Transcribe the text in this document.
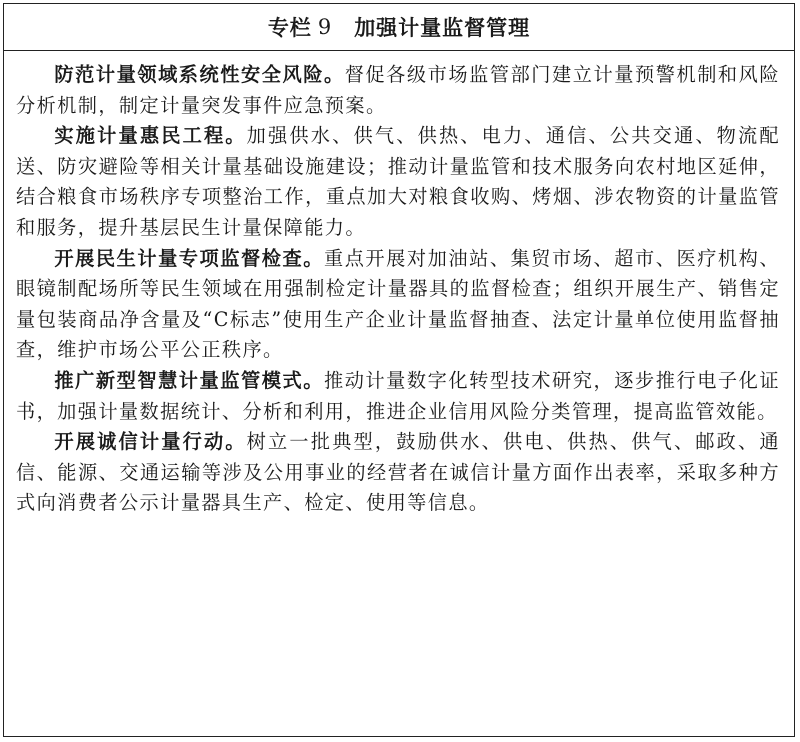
专栏 9 加强计量监督管理

防范计量领域系统性安全风险。督促各级市场监管部门建立计量预警机制和风险分析机制，制定计量突发事件应急预案。

实施计量惠民工程。加强供水、供气、供热、电力、通信、公共交通、物流配送、防灾避险等相关计量基础设施建设；推动计量监管和技术服务向农村地区延伸，结合粮食市场秩序专项整治工作，重点加大对粮食收购、烤烟、涉农物资的计量监管和服务，提升基层民生计量保障能力。

开展民生计量专项监督检查。重点开展对加油站、集贸市场、超市、医疗机构、眼镜制配场所等民生领域在用强制检定计量器具的监督检查；组织开展生产、销售定量包装商品净含量及“C标志”使用生产企业计量监督抽查、法定计量单位使用监督抽查，维护市场公平公正秩序。

推广新型智慧计量监管模式。推动计量数字化转型技术研究，逐步推行电子化证书，加强计量数据统计、分析和利用，推进企业信用风险分类管理，提高监管效能。

开展诚信计量行动。树立一批典型，鼓励供水、供电、供热、供气、邮政、通信、能源、交通运输等涉及公用事业的经营者在诚信计量方面作出表率，采取多种方式向消费者公示计量器具生产、检定、使用等信息。
